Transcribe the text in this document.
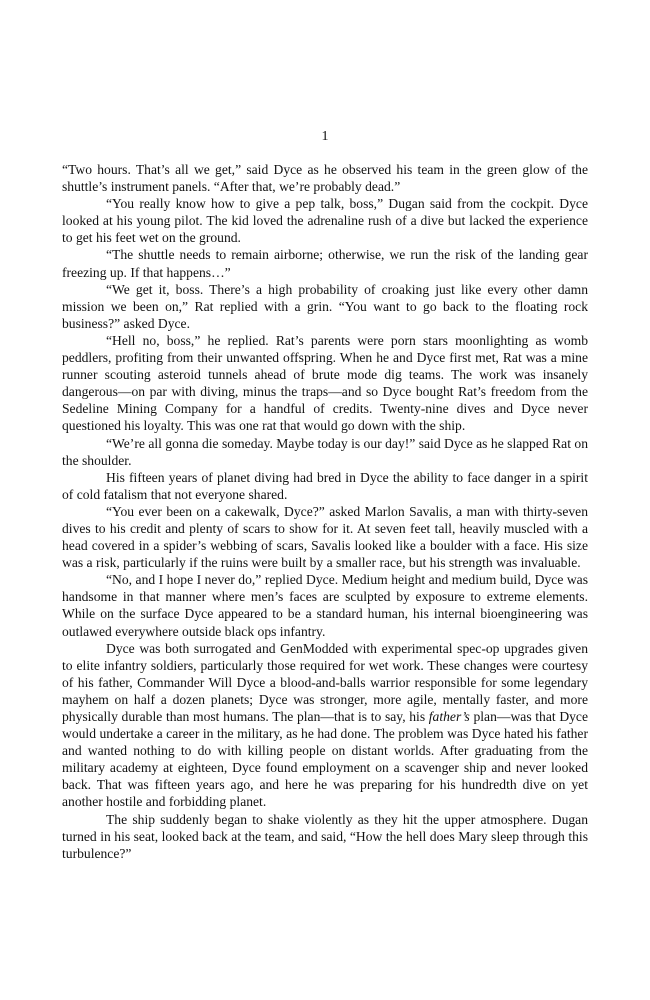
1

“Two hours. That’s all we get,” said Dyce as he observed his team in the green glow of the shuttle’s instrument panels. “After that, we’re probably dead.”

“You really know how to give a pep talk, boss,” Dugan said from the cockpit. Dyce looked at his young pilot. The kid loved the adrenaline rush of a dive but lacked the experience to get his feet wet on the ground.

“The shuttle needs to remain airborne; otherwise, we run the risk of the landing gear freezing up. If that happens…”

“We get it, boss. There’s a high probability of croaking just like every other damn mission we been on,” Rat replied with a grin. “You want to go back to the floating rock business?” asked Dyce.

“Hell no, boss,” he replied. Rat’s parents were porn stars moonlighting as womb peddlers, profiting from their unwanted offspring. When he and Dyce first met, Rat was a mine runner scouting asteroid tunnels ahead of brute mode dig teams. The work was insanely dangerous—on par with diving, minus the traps—and so Dyce bought Rat’s freedom from the Sedeline Mining Company for a handful of credits. Twenty-nine dives and Dyce never questioned his loyalty. This was one rat that would go down with the ship.

“We’re all gonna die someday. Maybe today is our day!” said Dyce as he slapped Rat on the shoulder.

His fifteen years of planet diving had bred in Dyce the ability to face danger in a spirit of cold fatalism that not everyone shared.

“You ever been on a cakewalk, Dyce?” asked Marlon Savalis, a man with thirty-seven dives to his credit and plenty of scars to show for it. At seven feet tall, heavily muscled with a head covered in a spider’s webbing of scars, Savalis looked like a boulder with a face. His size was a risk, particularly if the ruins were built by a smaller race, but his strength was invaluable.

“No, and I hope I never do,” replied Dyce. Medium height and medium build, Dyce was handsome in that manner where men’s faces are sculpted by exposure to extreme elements. While on the surface Dyce appeared to be a standard human, his internal bioengineering was outlawed everywhere outside black ops infantry.

Dyce was both surrogated and GenModded with experimental spec-op upgrades given to elite infantry soldiers, particularly those required for wet work. These changes were courtesy of his father, Commander Will Dyce a blood-and-balls warrior responsible for some legendary mayhem on half a dozen planets; Dyce was stronger, more agile, mentally faster, and more physically durable than most humans. The plan—that is to say, his father’s plan—was that Dyce would undertake a career in the military, as he had done. The problem was Dyce hated his father and wanted nothing to do with killing people on distant worlds. After graduating from the military academy at eighteen, Dyce found employment on a scavenger ship and never looked back. That was fifteen years ago, and here he was preparing for his hundredth dive on yet another hostile and forbidding planet.

The ship suddenly began to shake violently as they hit the upper atmosphere. Dugan turned in his seat, looked back at the team, and said, “How the hell does Mary sleep through this turbulence?”
